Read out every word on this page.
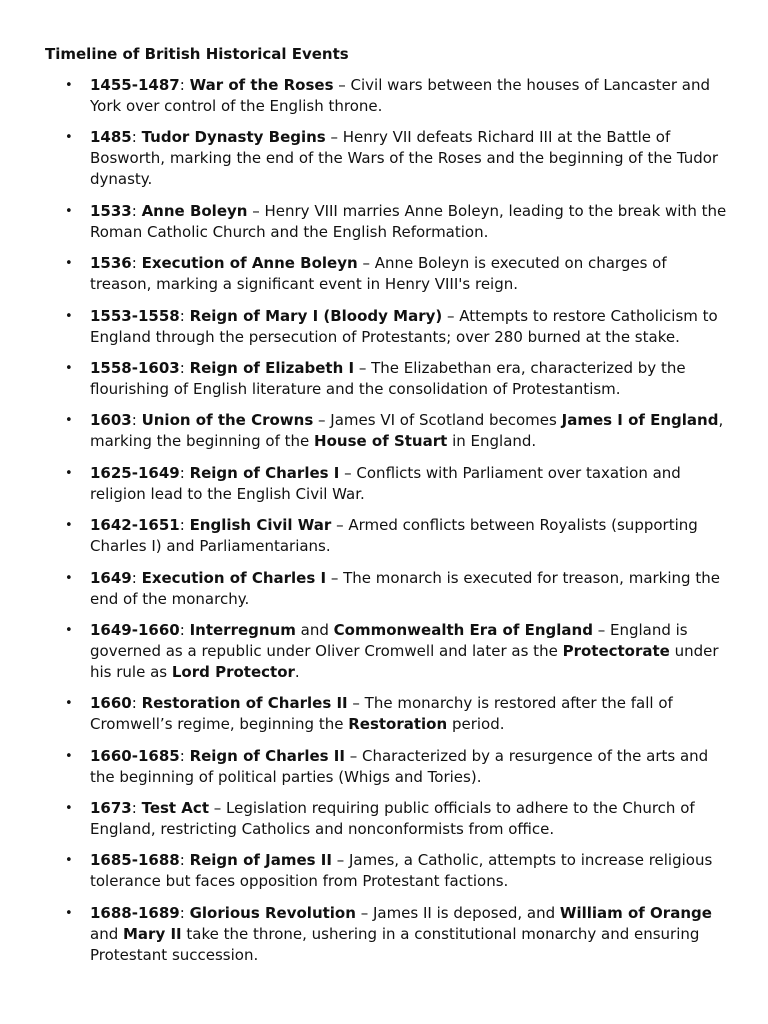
Timeline of British Historical Events
• 1455-1487: War of the Roses – Civil wars between the houses of Lancaster and York over control of the English throne.
• 1485: Tudor Dynasty Begins – Henry VII defeats Richard III at the Battle of Bosworth, marking the end of the Wars of the Roses and the beginning of the Tudor dynasty.
• 1533: Anne Boleyn – Henry VIII marries Anne Boleyn, leading to the break with the Roman Catholic Church and the English Reformation.
• 1536: Execution of Anne Boleyn – Anne Boleyn is executed on charges of treason, marking a significant event in Henry VIII's reign.
• 1553-1558: Reign of Mary I (Bloody Mary) – Attempts to restore Catholicism to England through the persecution of Protestants; over 280 burned at the stake.
• 1558-1603: Reign of Elizabeth I – The Elizabethan era, characterized by the flourishing of English literature and the consolidation of Protestantism.
• 1603: Union of the Crowns – James VI of Scotland becomes James I of England, marking the beginning of the House of Stuart in England.
• 1625-1649: Reign of Charles I – Conflicts with Parliament over taxation and religion lead to the English Civil War.
• 1642-1651: English Civil War – Armed conflicts between Royalists (supporting Charles I) and Parliamentarians.
• 1649: Execution of Charles I – The monarch is executed for treason, marking the end of the monarchy.
• 1649-1660: Interregnum and Commonwealth Era of England – England is governed as a republic under Oliver Cromwell and later as the Protectorate under his rule as Lord Protector.
• 1660: Restoration of Charles II – The monarchy is restored after the fall of Cromwell’s regime, beginning the Restoration period.
• 1660-1685: Reign of Charles II – Characterized by a resurgence of the arts and the beginning of political parties (Whigs and Tories).
• 1673: Test Act – Legislation requiring public officials to adhere to the Church of England, restricting Catholics and nonconformists from office.
• 1685-1688: Reign of James II – James, a Catholic, attempts to increase religious tolerance but faces opposition from Protestant factions.
• 1688-1689: Glorious Revolution – James II is deposed, and William of Orange and Mary II take the throne, ushering in a constitutional monarchy and ensuring Protestant succession.
